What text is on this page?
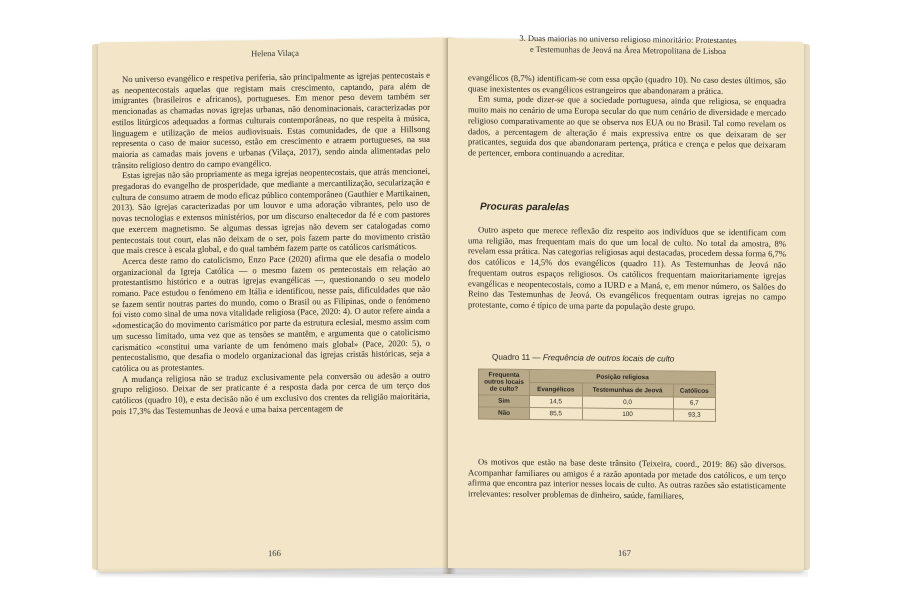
Helena Vilaça

No universo evangélico e respetiva periferia, são principalmente as igrejas pentecostais e as neopentecostais aquelas que registam mais crescimento, captando, para além de imigrantes (brasileiros e africanos), portugueses. Em menor peso devem também ser mencionadas as chamadas novas igrejas urbanas, não denominacionais, caracterizadas por estilos litúrgicos adequados a formas culturais contemporâneas, no que respeita à música, linguagem e utilização de meios audiovisuais. Estas comunidades, de que a Hillsong representa o caso de maior sucesso, estão em crescimento e atraem portugueses, na sua maioria as camadas mais jovens e urbanas (Vilaça, 2017), sendo ainda alimentadas pelo trânsito religioso dentro do campo evangélico.

Estas igrejas não são propriamente as mega igrejas neopentecostais, que atrás mencionei, pregadoras do evangelho de prosperidade, que mediante a mercantilização, secularização e cultura de consumo atraem de modo eficaz público contemporâneo (Gauthier e Martikainen, 2013). São igrejas caracterizadas por um louvor e uma adoração vibrantes, pelo uso de novas tecnologias e extensos ministérios, por um discurso enaltecedor da fé e com pastores que exercem magnetismo. Se algumas dessas igrejas não devem ser catalogadas como pentecostais tout court, elas não deixam de o ser, pois fazem parte do movimento cristão que mais cresce à escala global, e do qual também fazem parte os católicos carismáticos.

Acerca deste ramo do catolicismo, Enzo Pace (2020) afirma que ele desafia o modelo organizacional da Igreja Católica — o mesmo fazem os pentecostais em relação ao protestantismo histórico e a outras igrejas evangélicas —, questionando o seu modelo romano. Pace estudou o fenómeno em Itália e identificou, nesse país, dificuldades que não se fazem sentir noutras partes do mundo, como o Brasil ou as Filipinas, onde o fenómeno foi visto como sinal de uma nova vitalidade religiosa (Pace, 2020: 4). O autor refere ainda a «domesticação do movimento carismático por parte da estrutura eclesial, mesmo assim com um sucesso limitado, uma vez que as tensões se mantêm, e argumenta que o catolicismo carismático «constitui uma variante de um fenómeno mais global» (Pace, 2020: 5), o pentecostalismo, que desafia o modelo organizacional das igrejas cristãs históricas, seja a católica ou as protestantes.

A mudança religiosa não se traduz exclusivamente pela conversão ou adesão a outro grupo religioso. Deixar de ser praticante é a resposta dada por cerca de um terço dos católicos (quadro 10), e esta decisão não é um exclusivo dos crentes da religião maioritária, pois 17,3% das Testemunhas de Jeová e uma baixa percentagem de

166
3. Duas maiorias no universo religioso minoritário: Protestantes
e Testemunhas de Jeová na Área Metropolitana de Lisboa

evangélicos (8,7%) identificam-se com essa opção (quadro 10). No caso destes últimos, são quase inexistentes os evangélicos estrangeiros que abandonaram a prática.

Em suma, pode dizer-se que a sociedade portuguesa, ainda que religiosa, se enquadra muito mais no cenário de uma Europa secular do que num cenário de diversidade e mercado religioso comparativamente ao que se observa nos EUA ou no Brasil. Tal como revelam os dados, a percentagem de alteração é mais expressiva entre os que deixaram de ser praticantes, seguida dos que abandonaram pertença, prática e crença e pelos que deixaram de pertencer, embora continuando a acreditar.

Procuras paralelas

Outro aspeto que merece reflexão diz respeito aos indivíduos que se identificam com uma religião, mas frequentam mais do que um local de culto. No total da amostra, 8% revelam essa prática. Nas categorias religiosas aqui destacadas, procedem dessa forma 6,7% dos católicos e 14,5% dos evangélicos (quadro 11). As Testemunhas de Jeová não frequentam outros espaços religiosos. Os católicos frequentam maioritariamente igrejas evangélicas e neopentecostais, como a IURD e a Maná, e, em menor número, os Salões do Reino das Testemunhas de Jeová. Os evangélicos frequentam outras igrejas no campo protestante, como é típico de uma parte da população deste grupo.

Quadro 11 — Frequência de outros locais de culto
Frequenta outros locais de culto?	Posição religiosa		
	Evangélicos	Testemunhas de Jeová	Católicos
Sim	14,5	0,0	6,7
Não	85,5	100	93,3

Os motivos que estão na base deste trânsito (Teixeira, coord., 2019: 86) são diversos. Acompanhar familiares ou amigos é a razão apontada por metade dos católicos, e um terço afirma que encontra paz interior nesses locais de culto. As outras razões são estatisticamente irrelevantes: resolver problemas de dinheiro, saúde, familiares,

167
